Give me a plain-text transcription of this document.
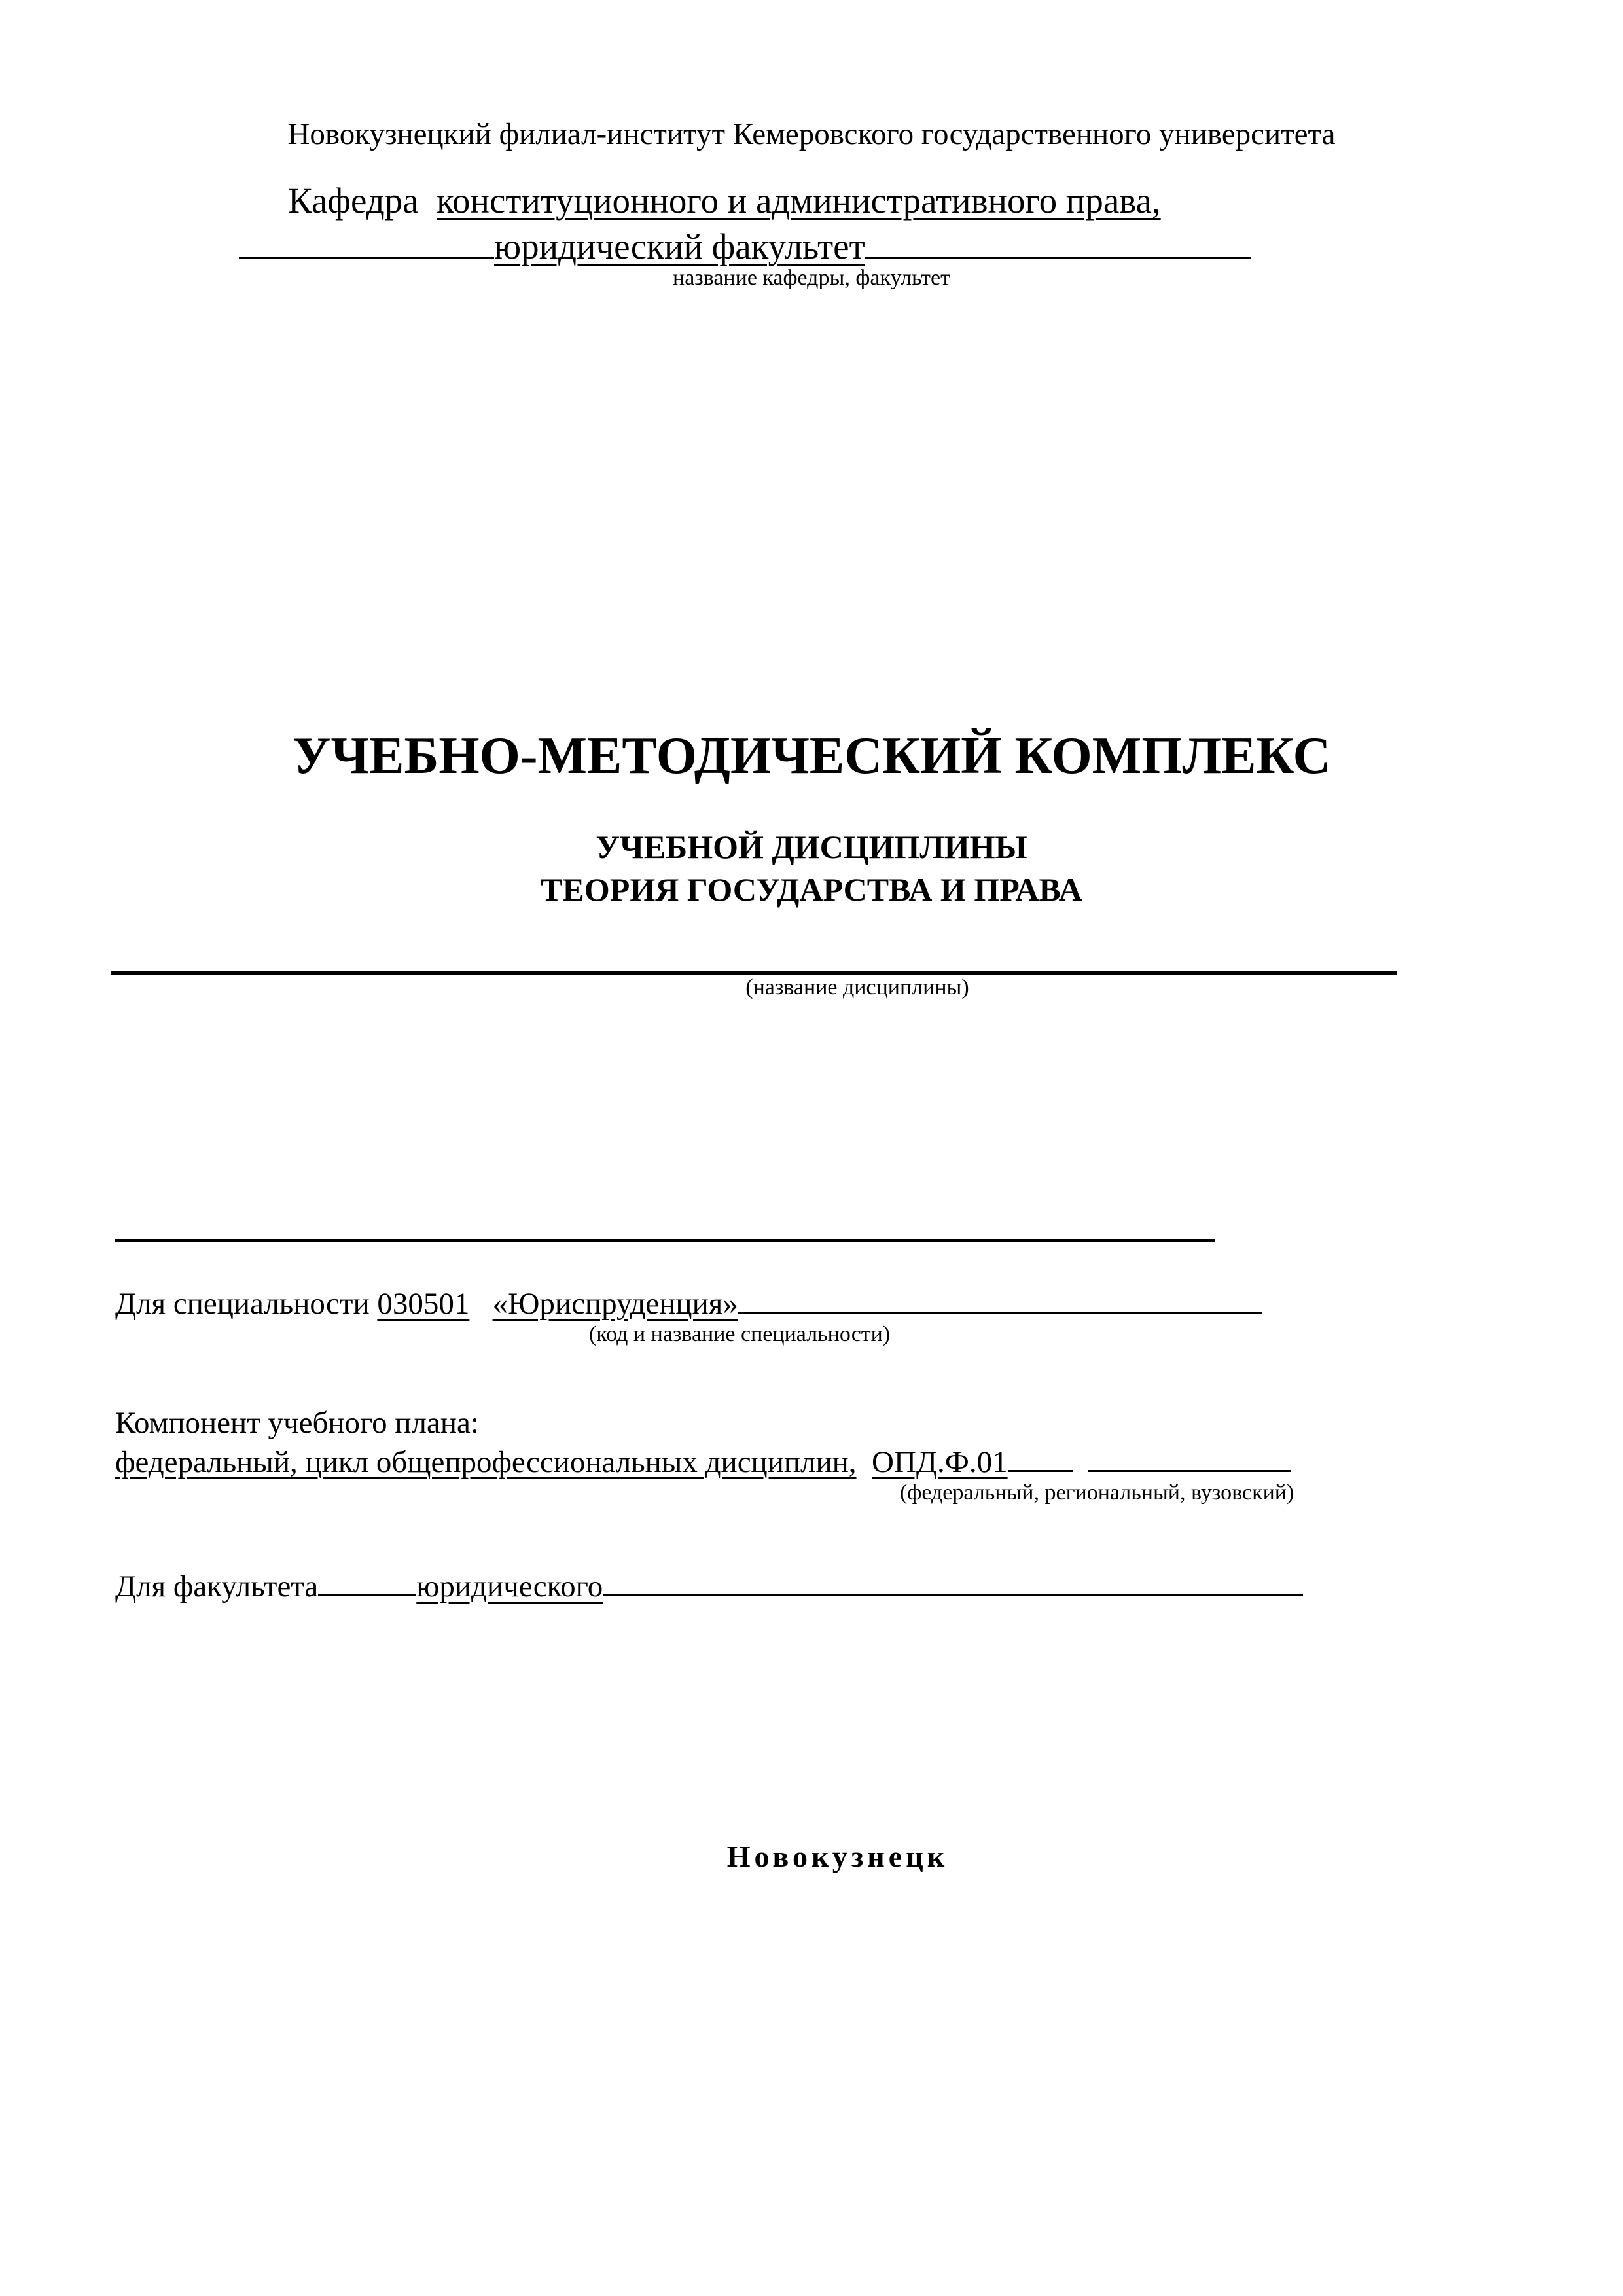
Новокузнецкий филиал-институт Кемеровского государственного университета
Кафедра конституционного и административного права,
юридический факультет
название кафедры, факультет
УЧЕБНО-МЕТОДИЧЕСКИЙ КОМПЛЕКС
УЧЕБНОЙ ДИСЦИПЛИНЫ
ТЕОРИЯ ГОСУДАРСТВА И ПРАВА
(название дисциплины)
Для специальности 030501 «Юриспруденция»
(код и название специальности)
Компонент учебного плана:
федеральный, цикл общепрофессиональных дисциплин, ОПД.Ф.01
(федеральный, региональный, вузовский)
Для факультета	юридического
Новокузнецк
